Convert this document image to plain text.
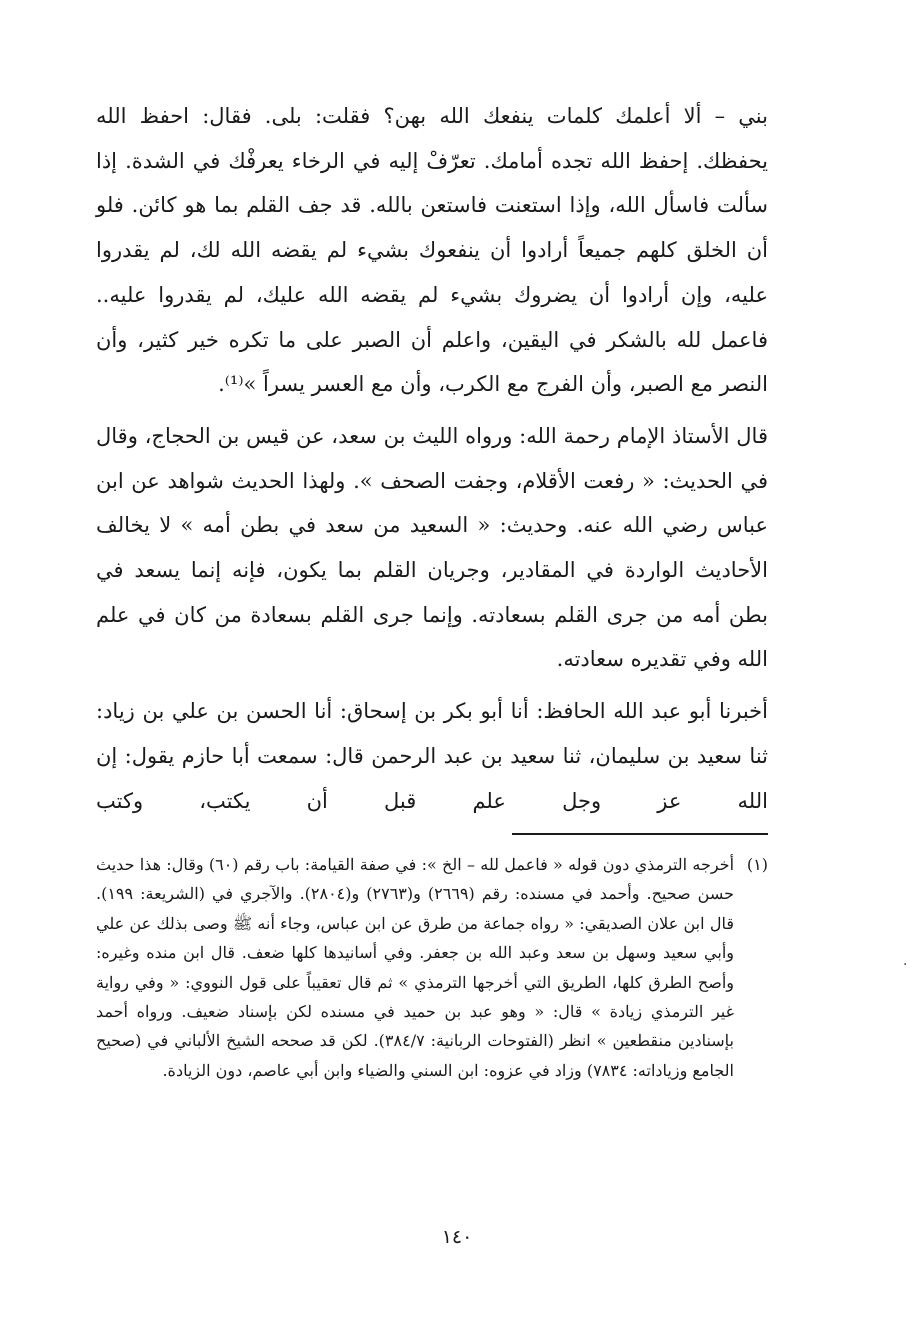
بني – ألا أعلمك كلمات ينفعك الله بهن؟ فقلت: بلى. فقال: احفظ الله يحفظك. إحفظ الله تجده أمامك. تعرّفْ إليه في الرخاء يعرفْك في الشدة. إذا سألت فاسأل الله، وإذا استعنت فاستعن بالله. قد جف القلم بما هو كائن. فلو أن الخلق كلهم جميعاً أرادوا أن ينفعوك بشيء لم يقضه الله لك، لم يقدروا عليه، وإن أرادوا أن يضروك بشيء لم يقضه الله عليك، لم يقدروا عليه.. فاعمل لله بالشكر في اليقين، واعلم أن الصبر على ما تكره خير كثير، وأن النصر مع الصبر، وأن الفرج مع الكرب، وأن مع العسر يسراً »⁽¹⁾.

قال الأستاذ الإمام رحمة الله: ورواه الليث بن سعد، عن قيس بن الحجاج، وقال في الحديث: « رفعت الأقلام، وجفت الصحف ». ولهذا الحديث شواهد عن ابن عباس رضي الله عنه. وحديث: « السعيد من سعد في بطن أمه » لا يخالف الأحاديث الواردة في المقادير، وجريان القلم بما يكون، فإنه إنما يسعد في بطن أمه من جرى القلم بسعادته. وإنما جرى القلم بسعادة من كان في علم الله وفي تقديره سعادته.

أخبرنا أبو عبد الله الحافظ: أنا أبو بكر بن إسحاق: أنا الحسن بن علي بن زياد: ثنا سعيد بن سليمان، ثنا سعيد بن عبد الرحمن قال: سمعت أبا حازم يقول: إن الله عز وجل علم قبل أن يكتب، وكتب

(١)
أخرجه الترمذي دون قوله « فاعمل لله – الخ »: في صفة القيامة: باب رقم (٦٠) وقال: هذا حديث حسن صحيح. وأحمد في مسنده: رقم (٢٦٦٩) و(٢٧٦٣) و(٢٨٠٤). والآجري في (الشريعة: ١٩٩). قال ابن علان الصديقي: « رواه جماعة من طرق عن ابن عباس، وجاء أنه ﷺ وصى بذلك عن علي وأبي سعيد وسهل بن سعد وعبد الله بن جعفر. وفي أسانيدها كلها ضعف. قال ابن منده وغيره: وأصح الطرق كلها، الطريق التي أخرجها الترمذي » ثم قال تعقيباً على قول النووي: « وفي رواية غير الترمذي زيادة » قال: « وهو عبد بن حميد في مسنده لكن بإسناد ضعيف. ورواه أحمد بإسنادين منقطعين » انظر (الفتوحات الربانية: ٣٨٤/٧). لكن قد صححه الشيخ الألباني في (صحيح الجامع وزياداته: ٧٨٣٤) وزاد في عزوه: ابن السني والضياء وابن أبي عاصم، دون الزيادة.
·
١٤٠
